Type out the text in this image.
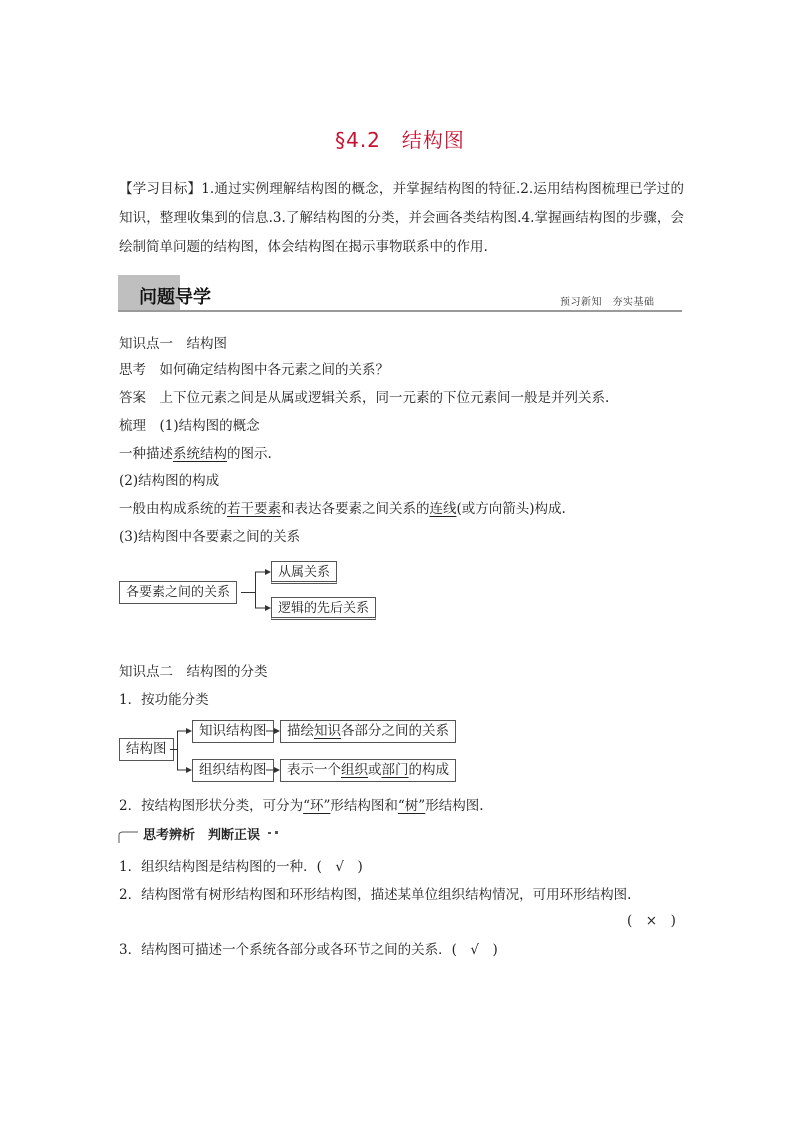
§4.2　结构图
【学习目标】1.通过实例理解结构图的概念，并掌握结构图的特征.2.运用结构图梳理已学过的知识，整理收集到的信息.3.了解结构图的分类，并会画各类结构图.4.掌握画结构图的步骤，会绘制简单问题的结构图，体会结构图在揭示事物联系中的作用.
问题导学	预习新知　夯实基础
知识点一　结构图
思考  如何确定结构图中各元素之间的关系？
答案  上下位元素之间是从属或逻辑关系，同一元素的下位元素间一般是并列关系.
梳理  (1)结构图的概念
一种描述系统结构的图示.
(2)结构图的构成
一般由构成系统的若干要素和表达各要素之间关系的连线(或方向箭头)构成.
(3)结构图中各要素之间的关系
各要素之间的关系
从属关系
逻辑的先后关系
知识点二　结构图的分类
1．按功能分类
结构图
知识结构图
组织结构图
描绘知识各部分之间的关系
表示一个组织或部门的构成
2．按结构图形状分类，可分为“环”形结构图和“树”形结构图.
思考辨析　判断正误
1．组织结构图是结构图的一种．(　√　)
2．结构图常有树形结构图和环形结构图，描述某单位组织结构情况，可用环形结构图.
(　×　)
3．结构图可描述一个系统各部分或各环节之间的关系．(　√　)
